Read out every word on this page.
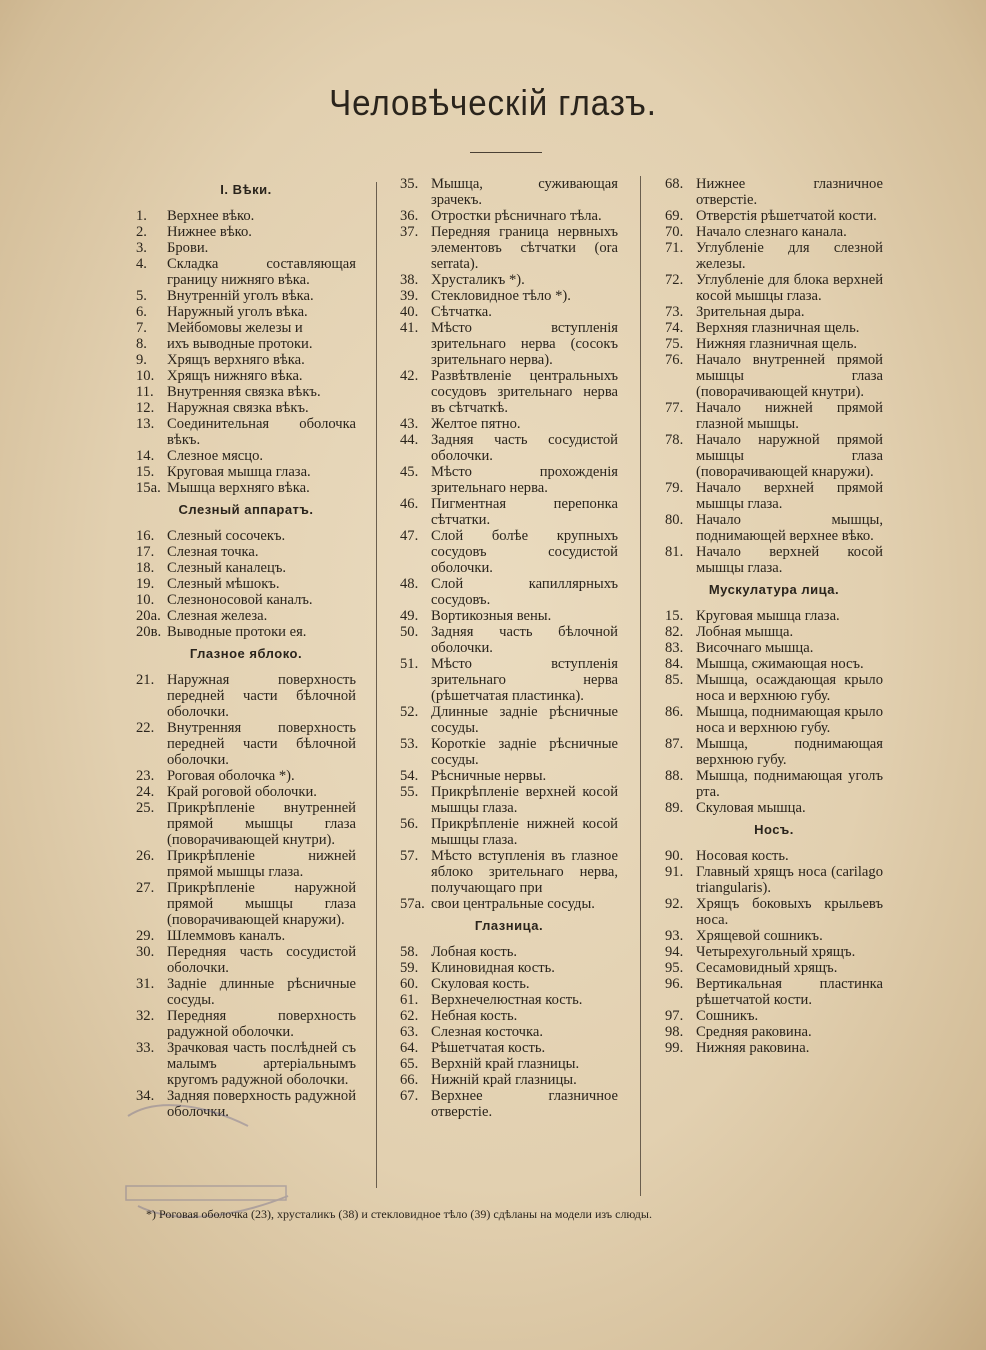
Человѣческій глазъ.
I. Вѣки.
1.	Верхнее вѣко.
2.	Нижнее вѣко.
3.	Брови.
4.	Складка составляющая границу нижняго вѣка.
5.	Внутренній уголъ вѣка.
6.	Наружный уголъ вѣка.
7.	Мейбомовы железы и
8.	ихъ выводные протоки.
9.	Хрящъ верхняго вѣка.
10. Хрящъ нижняго вѣка.
11. Внутренняя связка вѣкъ.
12. Наружная связка вѣкъ.
13. Соединительная оболочка вѣкъ.
14. Слезное мясцо.
15. Круговая мышца глаза.
15а. Мышца верхняго вѣка.
Слезный аппаратъ.
16. Слезный сосочекъ.
17. Слезная точка.
18. Слезный каналецъ.
19. Слезный мѣшокъ.
10. Слезноносовой каналъ.
20а. Слезная железа.
20в. Выводные протоки ея.
Глазное яблоко.
21. Наружная поверхность передней части бѣлочной оболочки.
22. Внутренняя поверхность передней части бѣлочной оболочки.
23. Роговая оболочка *).
24. Край роговой оболочки.
25. Прикрѣпленіе внутренней прямой мышцы глаза (поворачивающей кнутри).
26. Прикрѣпленіе нижней прямой мышцы глаза.
27. Прикрѣпленіе наружной прямой мышцы глаза (поворачивающей кнаружи).
29. Шлеммовъ каналъ.
30. Передняя часть сосудистой оболочки.
31. Задніе длинные рѣсничные сосуды.
32. Передняя поверхность радужной оболочки.
33. Зрачковая часть послѣдней съ малымъ артеріальнымъ кругомъ радужной оболочки.
34. Задняя поверхность радужной оболочки.
35. Мышца, суживающая зрачекъ.
36. Отростки рѣсничнаго тѣла.
37. Передняя граница нервныхъ элементовъ сѣтчатки (ora serrata).
38. Хрусталикъ *).
39. Стекловидное тѣло *).
40. Сѣтчатка.
41. Мѣсто вступленія зрительнаго нерва (сосокъ зрительнаго нерва).
42. Развѣтвленіе центральныхъ сосудовъ зрительнаго нерва въ сѣтчаткѣ.
43. Желтое пятно.
44. Задняя часть сосудистой оболочки.
45. Мѣсто прохожденія зрительнаго нерва.
46. Пигментная перепонка сѣтчатки.
47. Слой болѣе крупныхъ сосудовъ сосудистой оболочки.
48. Слой капиллярныхъ сосудовъ.
49. Вортикозныя вены.
50. Задняя часть бѣлочной оболочки.
51. Мѣсто вступленія зрительнаго нерва (рѣшетчатая пластинка).
52. Длинные задніе рѣсничные сосуды.
53. Короткіе задніе рѣсничные сосуды.
54. Рѣсничные нервы.
55. Прикрѣпленіе верхней косой мышцы глаза.
56. Прикрѣпленіе нижней косой мышцы глаза.
57. Мѣсто вступленія въ глазное яблоко зрительнаго нерва, получающаго при
57а. свои центральные сосуды.
Глазница.
58. Лобная кость.
59. Клиновидная кость.
60. Скуловая кость.
61. Верхнечелюстная кость.
62. Небная кость.
63. Слезная косточка.
64. Рѣшетчатая кость.
65. Верхній край глазницы.
66. Нижній край глазницы.
67. Верхнее глазничное отверстіе.
68. Нижнее глазничное отверстіе.
69. Отверстія рѣшетчатой кости.
70. Начало слезнаго канала.
71. Углубленіе для слезной железы.
72. Углубленіе для блока верхней косой мышцы глаза.
73. Зрительная дыра.
74. Верхняя глазничная щель.
75. Нижняя глазничная щель.
76. Начало внутренней прямой мышцы глаза (поворачивающей кнутри).
77. Начало нижней прямой глазной мышцы.
78. Начало наружной прямой мышцы глаза (поворачивающей кнаружи).
79. Начало верхней прямой мышцы глаза.
80. Начало мышцы, поднимающей верхнее вѣко.
81. Начало верхней косой мышцы глаза.
Мускулатура лица.
15. Круговая мышца глаза.
82. Лобная мышца.
83. Височнаго мышца.
84. Мышца, сжимающая носъ.
85. Мышца, осаждающая крыло носа и верхнюю губу.
86. Мышца, поднимающая крыло носа и верхнюю губу.
87. Мышца, поднимающая верхнюю губу.
88. Мышца, поднимающая уголъ рта.
89. Скуловая мышца.
Носъ.
90. Носовая кость.
91. Главный хрящъ носа (carilago triangularis).
92. Хрящъ боковыхъ крыльевъ носа.
93. Хрящевой сошникъ.
94. Четырехугольный хрящъ.
95. Сесамовидный хрящъ.
96. Вертикальная пластинка рѣшетчатой кости.
97. Сошникъ.
98. Средняя раковина.
99. Нижняя раковина.
*) Роговая оболочка (23), хрусталикъ (38) и стекловидное тѣло (39) сдѣланы на модели изъ слюды.
